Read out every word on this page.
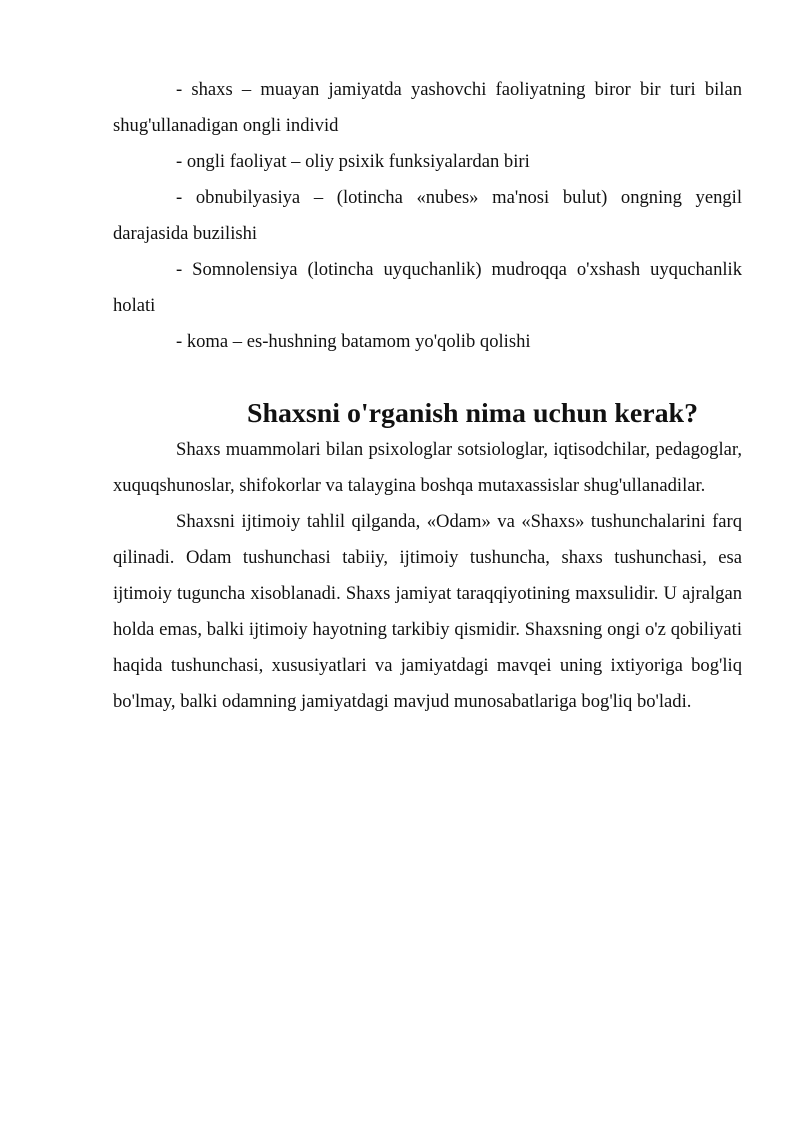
- shaxs – muayan jamiyatda yashovchi faoliyatning biror bir turi bilan shug'ullanadigan ongli individ

- ongli faoliyat – oliy psixik funksiyalardan biri

- obnubilyasiya – (lotincha «nubes» ma'nosi bulut) ongning yengil darajasida buzilishi

- Somnolensiya (lotincha uyquchanlik) mudroqqa o'xshash uyquchanlik holati

- koma – es-hushning batamom yo'qolib qolishi

Shaxsni o'rganish nima uchun kerak?

Shaxs muammolari bilan psixologlar sotsiologlar, iqtisodchilar, pedagoglar, xuquqshunoslar, shifokorlar va talaygina boshqa mutaxassislar shug'ullanadilar.

Shaxsni ijtimoiy tahlil qilganda, «Odam» va «Shaxs» tushunchalarini farq qilinadi. Odam tushunchasi tabiiy, ijtimoiy tushuncha, shaxs tushunchasi, esa ijtimoiy tuguncha xisoblanadi. Shaxs jamiyat taraqqiyotining maxsulidir. U ajralgan holda emas, balki ijtimoiy hayotning tarkibiy qismidir. Shaxsning ongi o'z qobiliyati haqida tushunchasi, xususiyatlari va jamiyatdagi mavqei uning ixtiyoriga bog'liq bo'lmay, balki odamning jamiyatdagi mavjud munosabatlariga bog'liq bo'ladi.
